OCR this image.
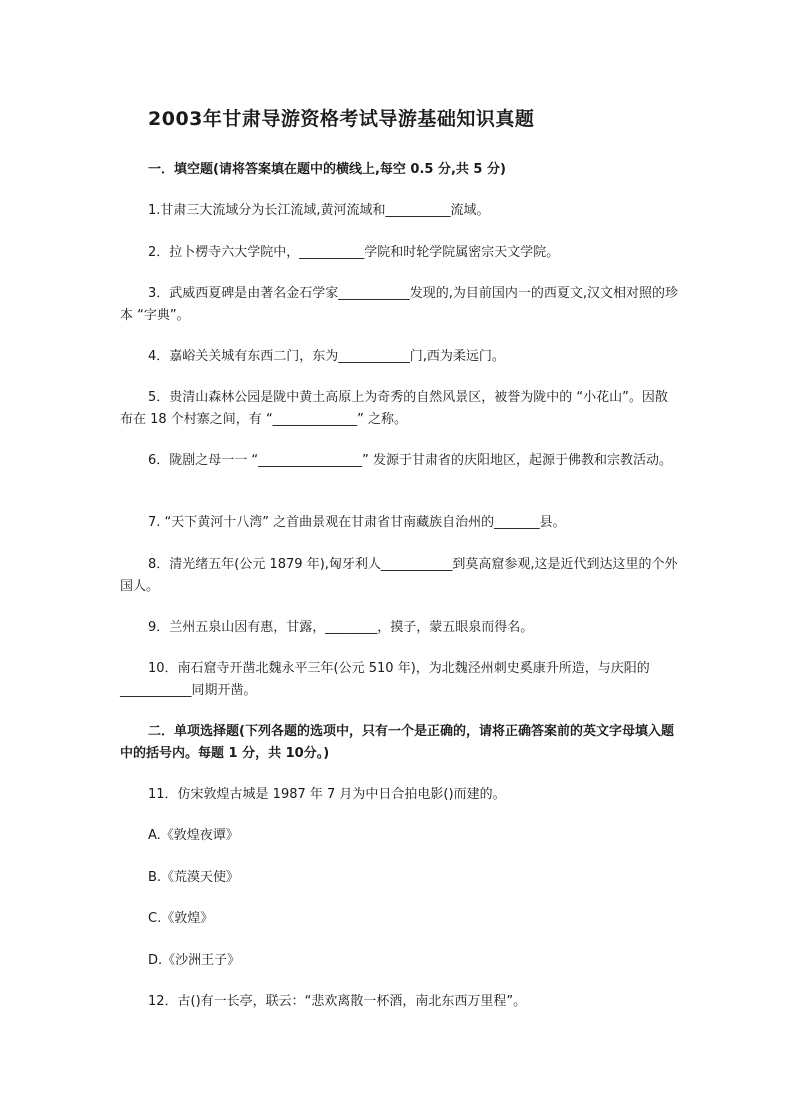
2003年甘肃导游资格考试导游基础知识真题
一．填空题(请将答案填在题中的横线上,每空 0.5 分,共 5 分)
1.甘肃三大流域分为长江流域,黄河流域和__________流域。
2．拉卜楞寺六大学院中，__________学院和时轮学院属密宗天文学院。
3．武威西夏碑是由著名金石学家___________发现的,为目前国内一的西夏文,汉文相对照的珍本 “字典”。
4．嘉峪关关城有东西二门，东为___________门,西为柔远门。
5．贵清山森林公园是陇中黄土高原上为奇秀的自然风景区，被誉为陇中的 “小花山”。因散布在 18 个村寨之间，有 “_____________” 之称。
6．陇剧之母一一 “________________” 发源于甘肃省的庆阳地区，起源于佛教和宗教活动。
7. “天下黄河十八湾” 之首曲景观在甘肃省甘南藏族自治州的_______县。
8．清光绪五年(公元 1879 年),匈牙利人___________到莫高窟参观,这是近代到达这里的个外国人。
9．兰州五泉山因有惠，甘露，________，摸子，蒙五眼泉而得名。
10．南石窟寺开凿北魏永平三年(公元 510 年)，为北魏泾州刺史奚康升所造，与庆阳的___________同期开凿。
二．单项选择题(下列各题的选项中，只有一个是正确的，请将正确答案前的英文字母填入题中的括号内。每题 1 分，共 10分。)
11．仿宋敦煌古城是 1987 年 7 月为中日合拍电影()而建的。
A.《敦煌夜谭》
B.《荒漠天使》
C.《敦煌》
D.《沙洲王子》
12．古()有一长亭，联云：“悲欢离散一杯酒，南北东西万里程”。
